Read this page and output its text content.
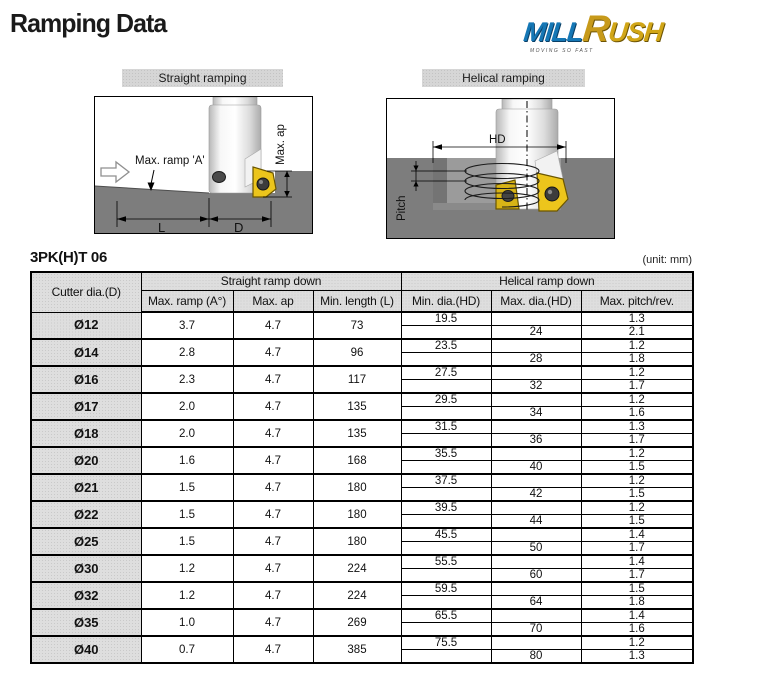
Ramping Data	MILLRUSH
MOVING SO FAST
Straight ramping	Helical ramping
Max. ramp 'A'	Max. ap
L	D
HD
Pitch
3PK(H)T 06	(unit: mm)
Cutter dia.(D)	Straight ramp down			Helical ramp down		
	Max. ramp (A°)	Max. ap	Min. length (L)	Min. dia.(HD)	Max. dia.(HD)	Max. pitch/rev.
Ø12	3.7	4.7	73	19.5		1.3
					24	2.1
Ø14	2.8	4.7	96	23.5		1.2
					28	1.8
Ø16	2.3	4.7	117	27.5		1.2
					32	1.7
Ø17	2.0	4.7	135	29.5		1.2
					34	1.6
Ø18	2.0	4.7	135	31.5		1.3
					36	1.7
Ø20	1.6	4.7	168	35.5		1.2
					40	1.5
Ø21	1.5	4.7	180	37.5		1.2
					42	1.5
Ø22	1.5	4.7	180	39.5		1.2
					44	1.5
Ø25	1.5	4.7	180	45.5		1.4
					50	1.7
Ø30	1.2	4.7	224	55.5		1.4
					60	1.7
Ø32	1.2	4.7	224	59.5		1.5
					64	1.8
Ø35	1.0	4.7	269	65.5		1.4
					70	1.6
Ø40	0.7	4.7	385	75.5		1.2
					80	1.3
